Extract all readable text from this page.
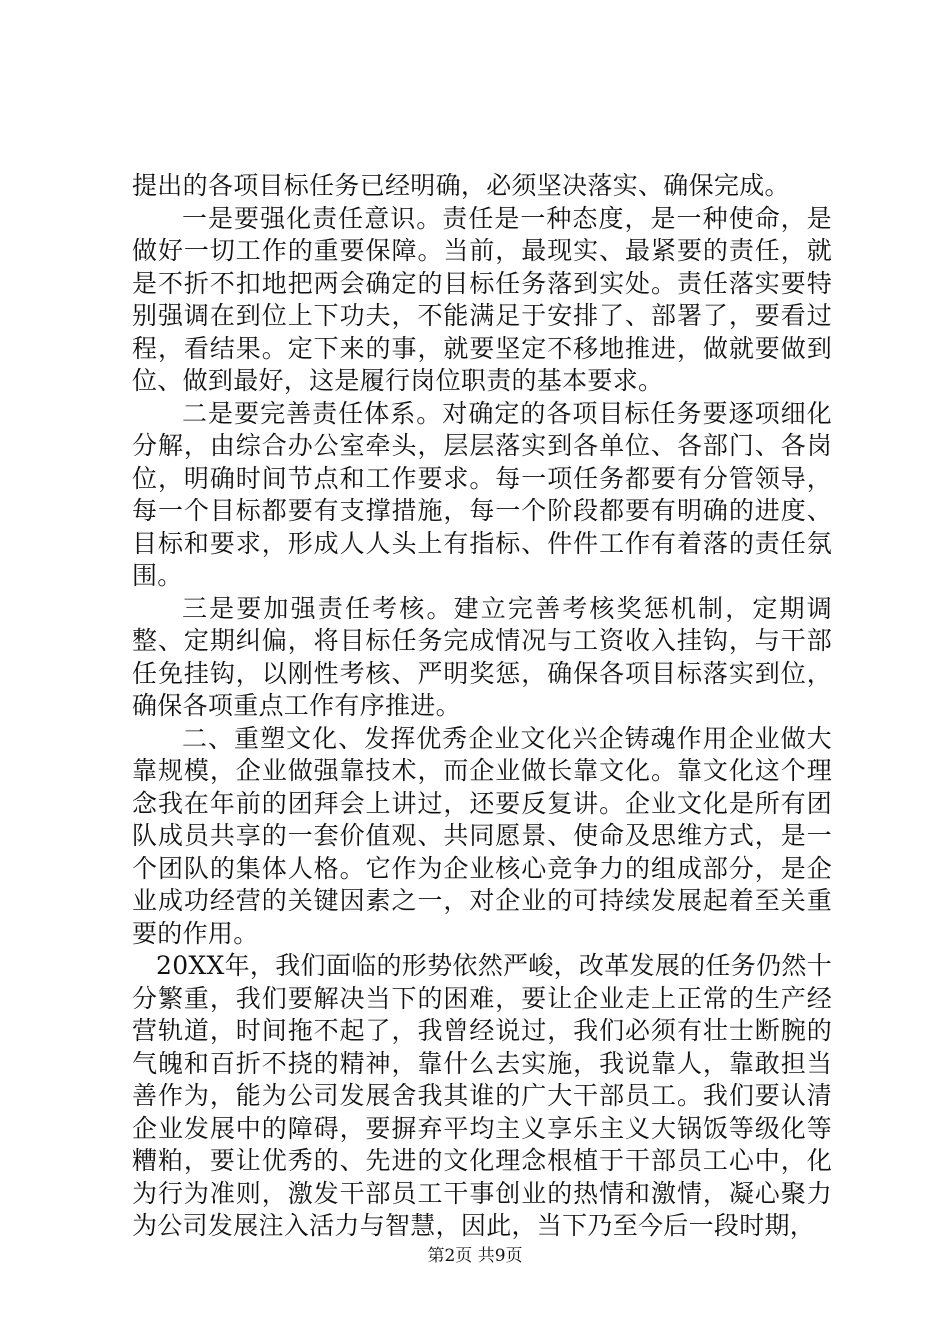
提出的各项目标任务已经明确，必须坚决落实、确保完成。

一是要强化责任意识。责任是一种态度，是一种使命，是做好一切工作的重要保障。当前，最现实、最紧要的责任，就是不折不扣地把两会确定的目标任务落到实处。责任落实要特别强调在到位上下功夫，不能满足于安排了、部署了，要看过程，看结果。定下来的事，就要坚定不移地推进，做就要做到位、做到最好，这是履行岗位职责的基本要求。

二是要完善责任体系。对确定的各项目标任务要逐项细化分解，由综合办公室牵头，层层落实到各单位、各部门、各岗位，明确时间节点和工作要求。每一项任务都要有分管领导，每一个目标都要有支撑措施，每一个阶段都要有明确的进度、目标和要求，形成人人头上有指标、件件工作有着落的责任氛围。

三是要加强责任考核。建立完善考核奖惩机制，定期调整、定期纠偏，将目标任务完成情况与工资收入挂钩，与干部任免挂钩，以刚性考核、严明奖惩，确保各项目标落实到位，确保各项重点工作有序推进。

二、重塑文化、发挥优秀企业文化兴企铸魂作用企业做大靠规模，企业做强靠技术，而企业做长靠文化。靠文化这个理念我在年前的团拜会上讲过，还要反复讲。企业文化是所有团队成员共享的一套价值观、共同愿景、使命及思维方式，是一个团队的集体人格。它作为企业核心竞争力的组成部分，是企业成功经营的关键因素之一，对企业的可持续发展起着至关重要的作用。

20XX年，我们面临的形势依然严峻，改革发展的任务仍然十分繁重，我们要解决当下的困难，要让企业走上正常的生产经营轨道，时间拖不起了，我曾经说过，我们必须有壮士断腕的气魄和百折不挠的精神，靠什么去实施，我说靠人，靠敢担当善作为，能为公司发展舍我其谁的广大干部员工。我们要认清企业发展中的障碍，要摒弃平均主义享乐主义大锅饭等级化等糟粕，要让优秀的、先进的文化理念根植于干部员工心中，化为行为准则，激发干部员工干事创业的热情和激情，凝心聚力为公司发展注入活力与智慧，因此，当下乃至今后一段时期，

第2页 共9页
